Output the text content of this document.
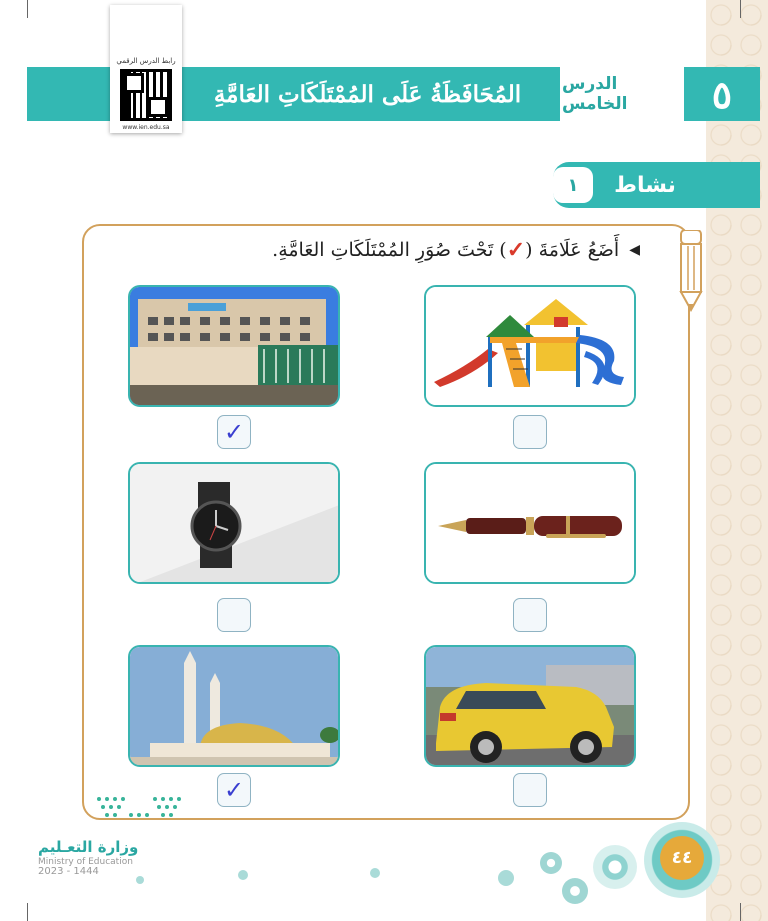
٥
الدرس الخامس
المُحَافَظَةُ عَلَى المُمْتَلَكَاتِ العَامَّةِ
رابط الدرس الرقمي
www.ien.edu.sa
١	نشاط
◀
أَضَعُ عَلَامَةَ (
✓
) تَحْتَ صُوَرِ المُمْتَلَكَاتِ العَامَّةِ.
✓
✓
وزارة التعـليم
Ministry of Education
2023 - 1444
٤٤
